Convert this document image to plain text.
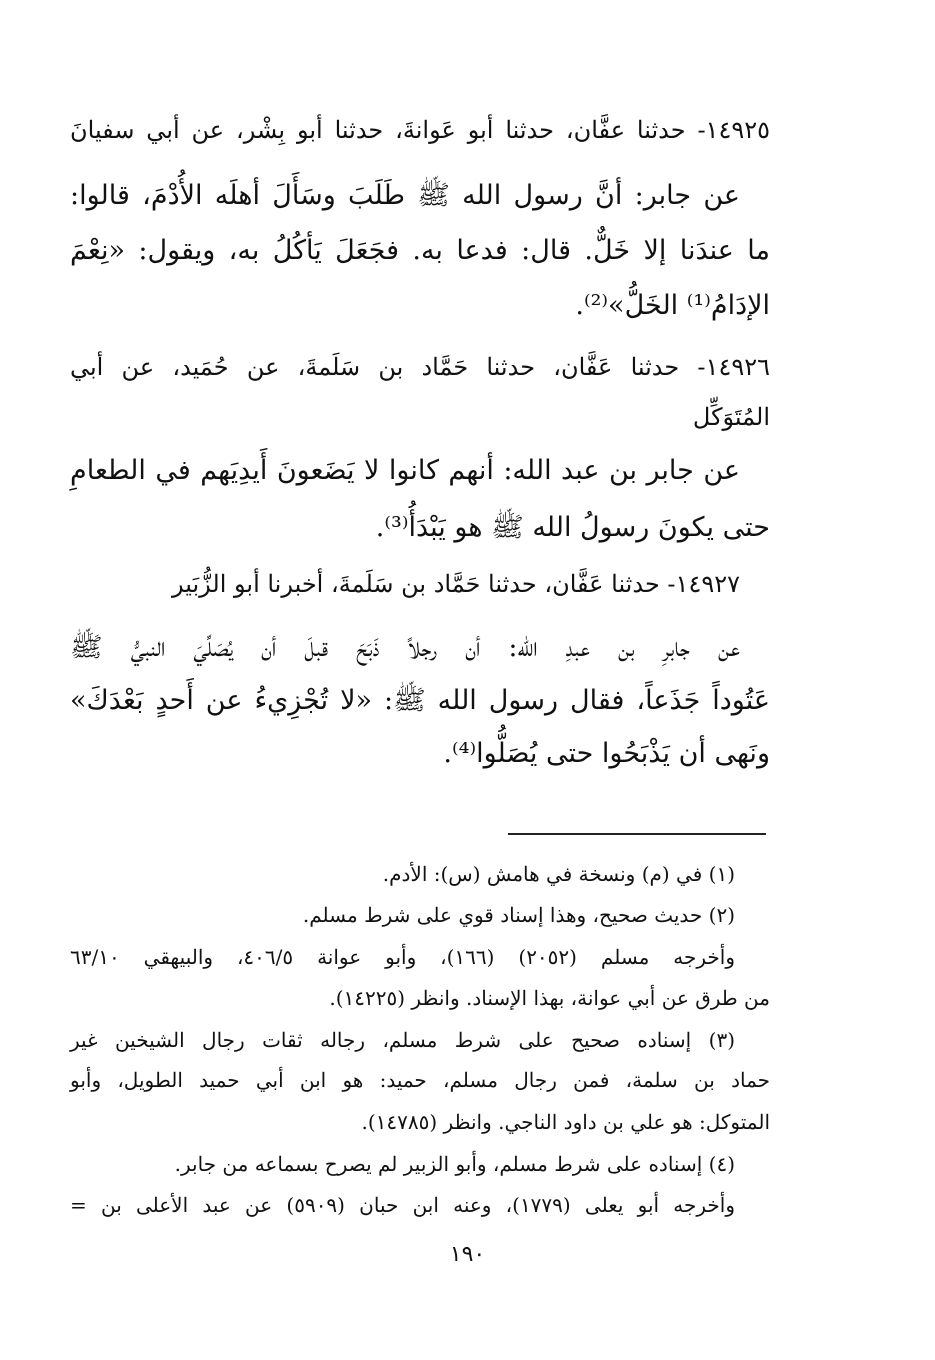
١٤٩٢٥- حدثنا عفَّان، حدثنا أبو عَوانةَ، حدثنا أبو بِشْر، عن أبي سفيانَ
عن جابر: أنَّ رسول الله ﷺ طَلَبَ وسَأَلَ أهلَه الأُدْمَ، قالوا:
ما عندَنا إلا خَلٌّ. قال: فدعا به. فجَعَلَ يَأكُلُ به، ويقول: «نِعْمَ
الإدَامُ⁽¹⁾ الخَلُّ»⁽²⁾.
١٤٩٢٦- حدثنا عَفَّان، حدثنا حَمَّاد بن سَلَمةَ، عن حُمَيد، عن أبي
المُتَوَكِّل
عن جابر بن عبد الله: أنهم كانوا لا يَضَعونَ أَيدِيَهم في الطعامِ
حتى يكونَ رسولُ الله ﷺ هو يَبْدَأُ⁽³⁾.
١٤٩٢٧- حدثنا عَفَّان، حدثنا حَمَّاد بن سَلَمةَ، أخبرنا أبو الزُّبَير
عن جابرِ بن عبدِ الله: أن رجلاً ذَبَحَ قبلَ أن يُصَلِّيَ النبيُّ ﷺ
عَتُوداً جَذَعاً، فقال رسول الله ﷺ: «لا تُجْزِيءُ عن أَحدٍ بَعْدَكَ»
ونَهى أن يَذْبَحُوا حتى يُصَلُّوا⁽⁴⁾.
(١) في (م) ونسخة في هامش (س): الأدم.
(٢) حديث صحيح، وهذا إسناد قوي على شرط مسلم.
وأخرجه مسلم (٢٠٥٢) (١٦٦)، وأبو عوانة ٤٠٦/٥، والبيهقي ٦٣/١٠
من طرق عن أبي عوانة، بهذا الإسناد. وانظر (١٤٢٢٥).
(٣) إسناده صحيح على شرط مسلم، رجاله ثقات رجال الشيخين غير
حماد بن سلمة، فمن رجال مسلم، حميد: هو ابن أبي حميد الطويل، وأبو
المتوكل: هو علي بن داود الناجي. وانظر (١٤٧٨٥).
(٤) إسناده على شرط مسلم، وأبو الزبير لم يصرح بسماعه من جابر.
وأخرجه أبو يعلى (١٧٧٩)، وعنه ابن حبان (٥٩٠٩) عن عبد الأعلى بن =
١٩٠
